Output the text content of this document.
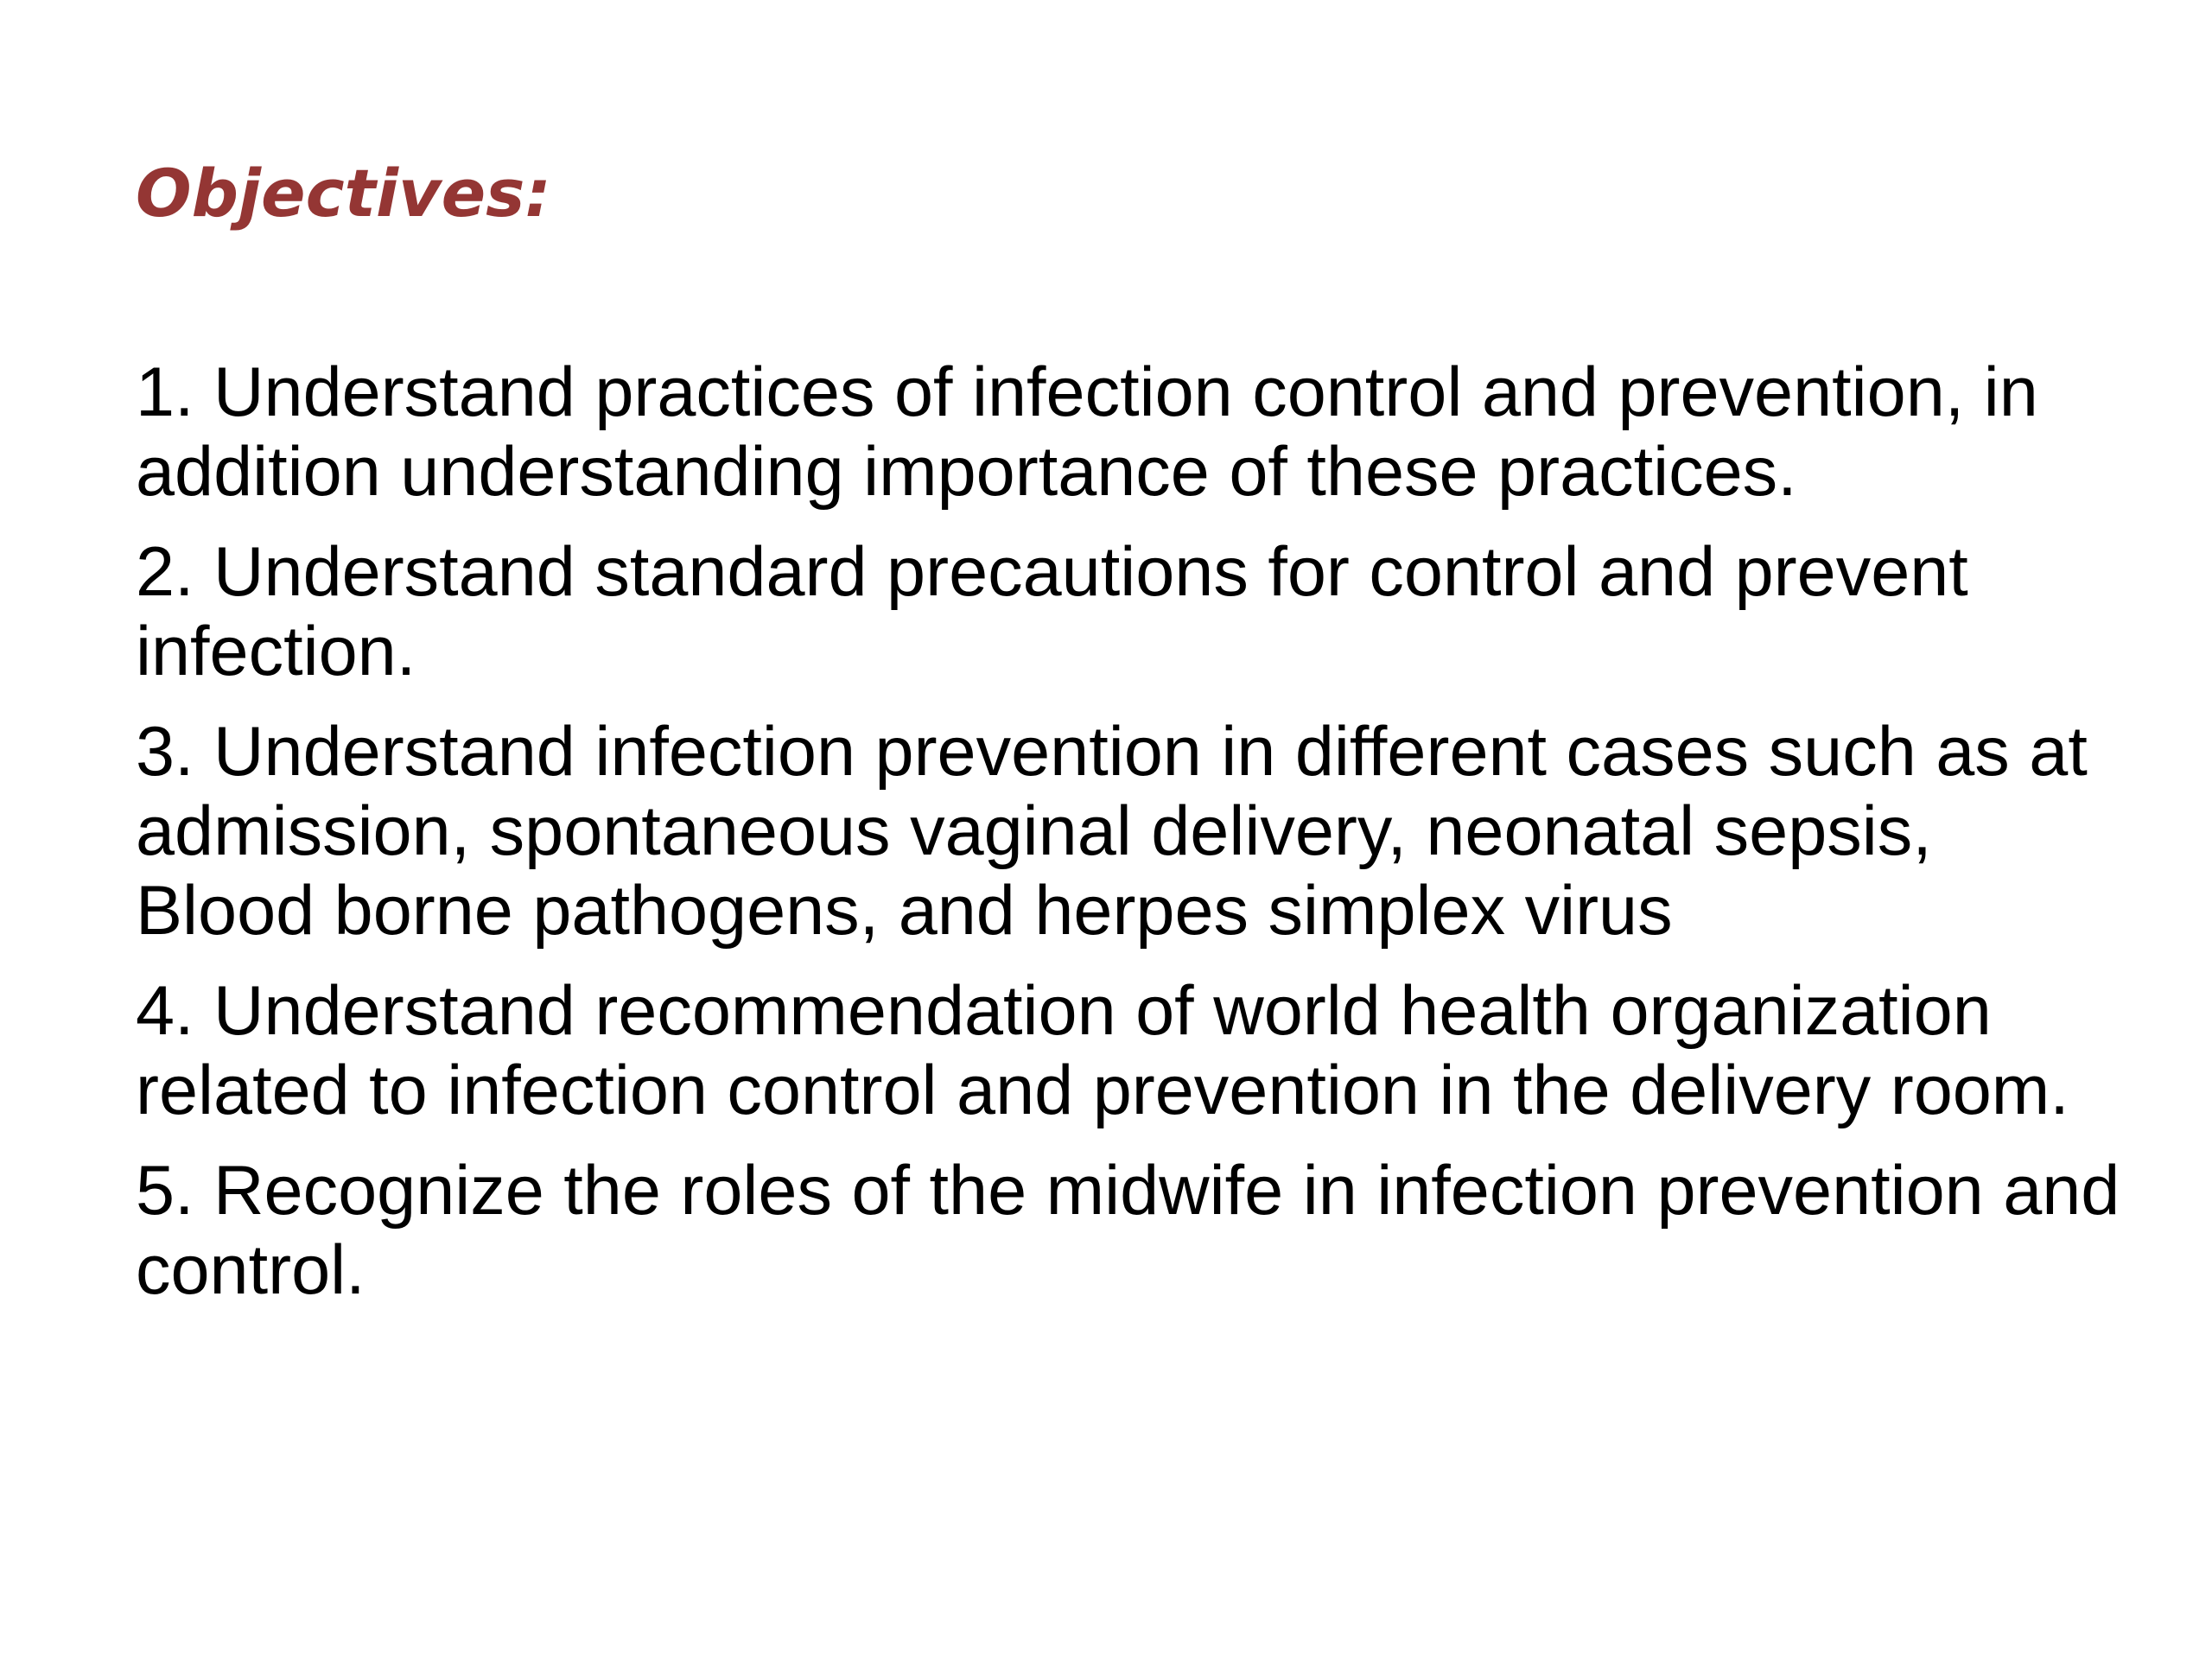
Objectives:
1. Understand practices of infection control and prevention, in addition understanding importance of these practices.
2. Understand standard precautions for control and prevent infection.
3. Understand infection prevention in different cases such as at admission, spontaneous vaginal delivery, neonatal sepsis, Blood borne pathogens, and herpes simplex virus
4. Understand recommendation of world health organization related to infection control and prevention in the delivery room.
5. Recognize the roles of the midwife in infection prevention and control.
